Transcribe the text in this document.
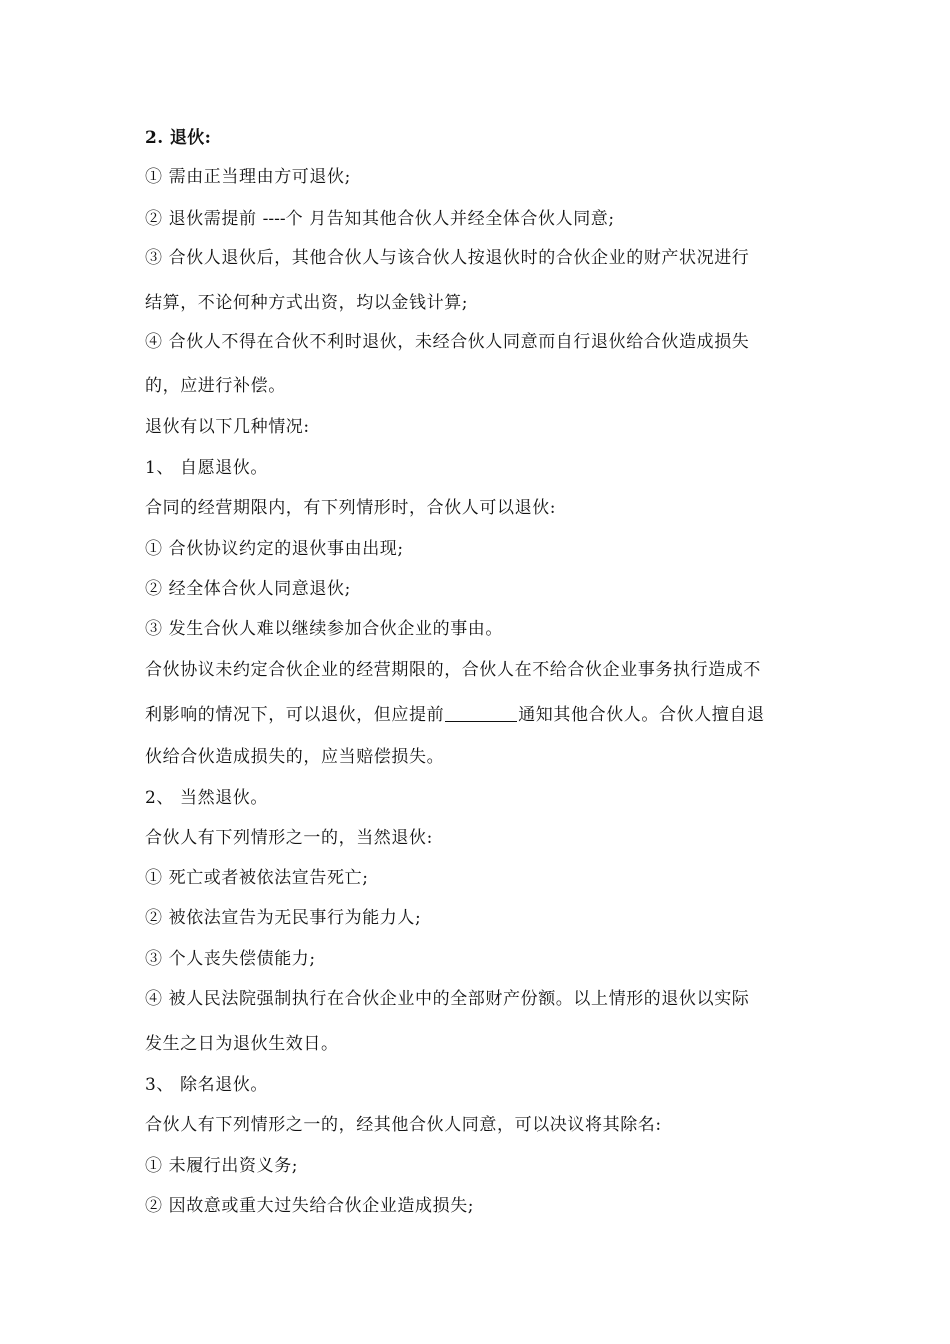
2. 退伙:
① 需由正当理由方可退伙;
② 退伙需提前 ----个 月告知其他合伙人并经全体合伙人同意;
③ 合伙人退伙后，其他合伙人与该合伙人按退伙时的合伙企业的财产状况进行
结算，不论何种方式出资，均以金钱计算;
④ 合伙人不得在合伙不利时退伙，未经合伙人同意而自行退伙给合伙造成损失
的，应进行补偿。
退伙有以下几种情况:
1、 自愿退伙。
合同的经营期限内，有下列情形时，合伙人可以退伙:
① 合伙协议约定的退伙事由出现;
② 经全体合伙人同意退伙;
③ 发生合伙人难以继续参加合伙企业的事由。
合伙协议未约定合伙企业的经营期限的，合伙人在不给合伙企业事务执行造成不
利影响的情况下，可以退伙，但应提前	通知其他合伙人。合伙人擅自退
伙给合伙造成损失的，应当赔偿损失。
2、 当然退伙。
合伙人有下列情形之一的，当然退伙:
① 死亡或者被依法宣告死亡;
② 被依法宣告为无民事行为能力人;
③ 个人丧失偿债能力;
④ 被人民法院强制执行在合伙企业中的全部财产份额。以上情形的退伙以实际
发生之日为退伙生效日。
3、 除名退伙。
合伙人有下列情形之一的，经其他合伙人同意，可以决议将其除名:
① 未履行出资义务;
② 因故意或重大过失给合伙企业造成损失;
